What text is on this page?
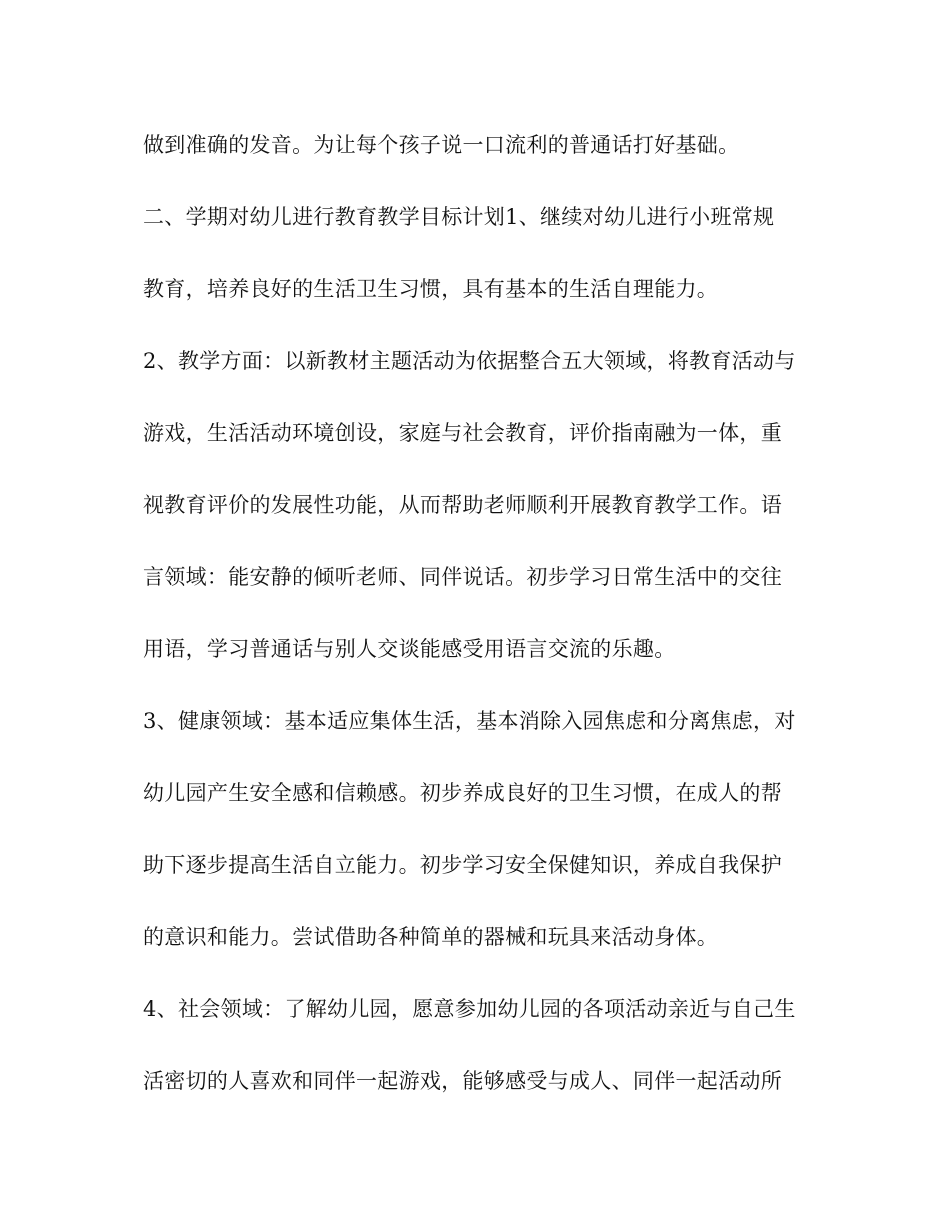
做到准确的发音。为让每个孩子说一口流利的普通话打好基础。
二、学期对幼儿进行教育教学目标计划1、继续对幼儿进行小班常规
教育，培养良好的生活卫生习惯，具有基本的生活自理能力。
2、教学方面：以新教材主题活动为依据整合五大领域，将教育活动与
游戏，生活活动环境创设，家庭与社会教育，评价指南融为一体，重
视教育评价的发展性功能，从而帮助老师顺利开展教育教学工作。语
言领域：能安静的倾听老师、同伴说话。初步学习日常生活中的交往
用语，学习普通话与别人交谈能感受用语言交流的乐趣。
3、健康领域：基本适应集体生活，基本消除入园焦虑和分离焦虑，对
幼儿园产生安全感和信赖感。初步养成良好的卫生习惯，在成人的帮
助下逐步提高生活自立能力。初步学习安全保健知识，养成自我保护
的意识和能力。尝试借助各种简单的器械和玩具来活动身体。
4、社会领域：了解幼儿园，愿意参加幼儿园的各项活动亲近与自己生
活密切的人喜欢和同伴一起游戏，能够感受与成人、同伴一起活动所
